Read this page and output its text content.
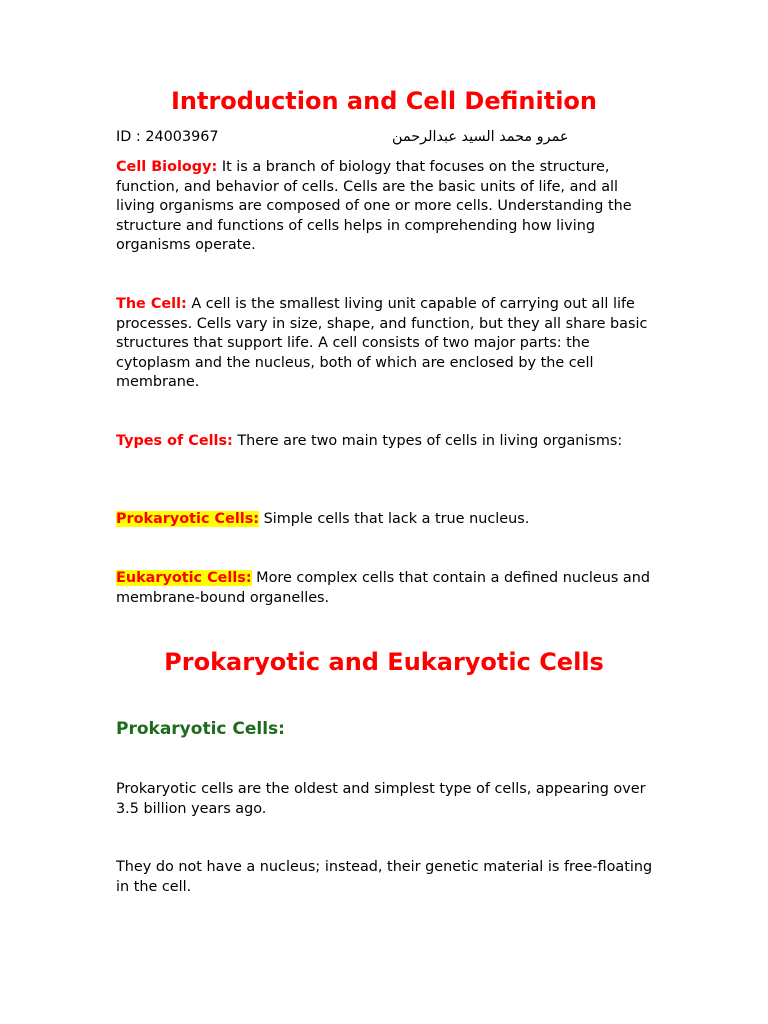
Introduction and Cell Definition
ID : 24003967	عمرو محمد السيد عبدالرحمن

Cell Biology: It is a branch of biology that focuses on the structure, function, and behavior of cells. Cells are the basic units of life, and all living organisms are composed of one or more cells. Understanding the structure and functions of cells helps in comprehending how living organisms operate.

The Cell: A cell is the smallest living unit capable of carrying out all life processes. Cells vary in size, shape, and function, but they all share basic structures that support life. A cell consists of two major parts: the cytoplasm and the nucleus, both of which are enclosed by the cell membrane.

Types of Cells: There are two main types of cells in living organisms:

Prokaryotic Cells: Simple cells that lack a true nucleus.

Eukaryotic Cells: More complex cells that contain a defined nucleus and membrane-bound organelles.

Prokaryotic and Eukaryotic Cells
Prokaryotic Cells:

Prokaryotic cells are the oldest and simplest type of cells, appearing over 3.5 billion years ago.

They do not have a nucleus; instead, their genetic material is free-floating in the cell.
